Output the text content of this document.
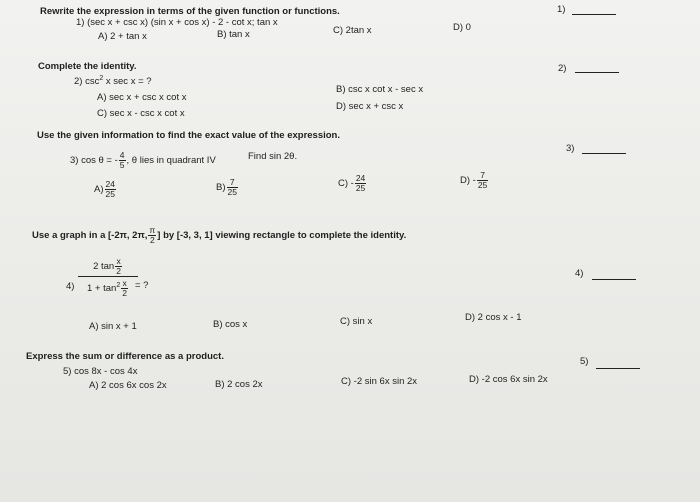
Rewrite the expression in terms of the given function or functions.
1) (sec x + csc x) (sin x + cos x) - 2 - cot x; tan x
A) 2 + tan x	B) tan x	C) 2tan x	D) 0
1)
Complete the identity.
2) $\csc^2 x$ sec x = ?
A) sec x + csc x cot x
B) csc x cot x - sec x
C) sec x - csc x cot x
D) sec x + csc x
2)
Use the given information to find the exact value of the expression.
3) cos θ = - $\frac{4}{5}$ , θ lies in quadrant IV	Find sin 2θ.
$A) \frac{24}{25}$	$B) \frac{7}{25}$	$C) - \frac{24}{25}$	$D) - \frac{7}{25}$
3)
Use a graph in a [-2π, 2π, $\frac{\pi}{2}$ ] by [-3, 3, 1] viewing rectangle to complete the identity.
4)
2 $\tan \frac{x}{2}$
$1 + \tan^2 \frac{x}{2}$ = ?
A) sin x + 1	B) cos x	C) sin x	D) 2 cos x - 1
4)
Express the sum or difference as a product.
5) cos 8x - cos 4x
A) 2 cos 6x cos 2x	B) 2 cos 2x	C) -2 sin 6x sin 2x	D) -2 cos 6x sin 2x
5)
